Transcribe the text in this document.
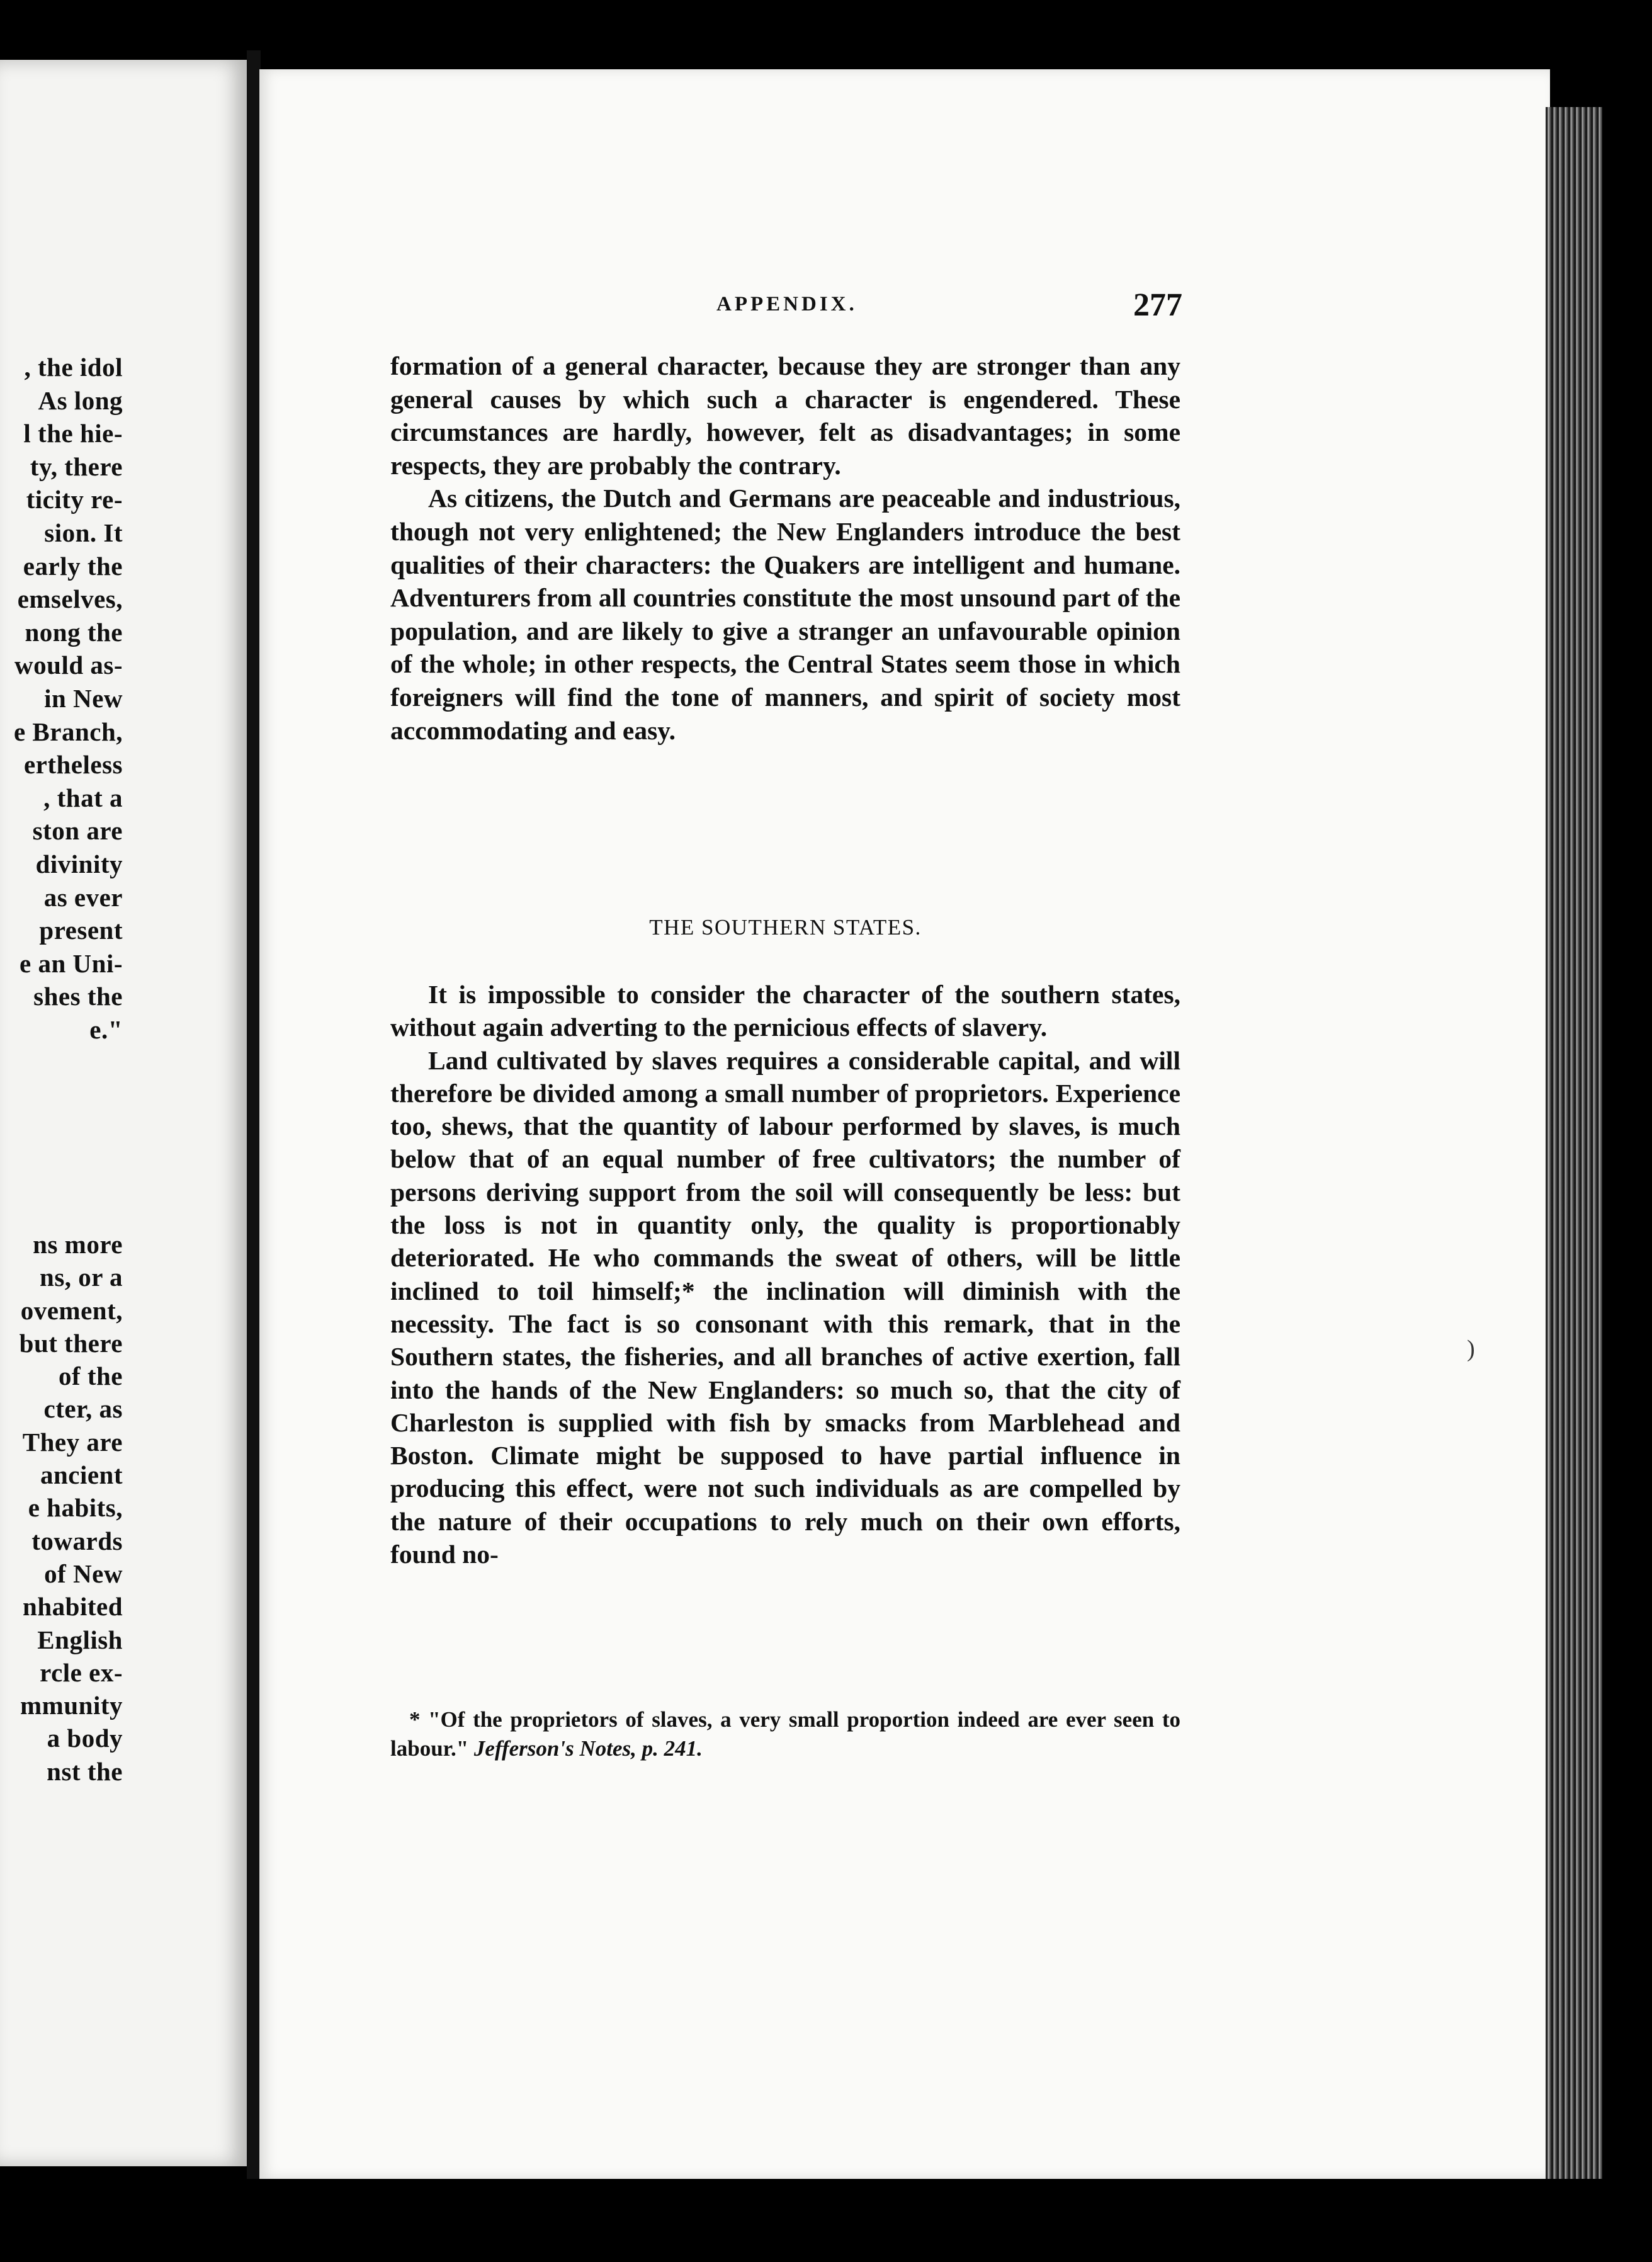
, the idol
As long
l the hie-
ty, there
ticity re-
sion. It
early the
emselves,
nong the
would as-
in New
e Branch,
ertheless
, that a
ston are
divinity
as ever
present
e an Uni-
shes the
e."
ns more
ns, or a
ovement,
but there
of the
cter, as
They are
ancient
e habits,
towards
of New
nhabited
English
rcle ex-
mmunity
a body
nst the
APPENDIX.	277

formation of a general character, because they are stronger than any general causes by which such a character is engendered. These circumstances are hardly, however, felt as disadvantages; in some respects, they are probably the contrary.

As citizens, the Dutch and Germans are peaceable and industrious, though not very enlightened; the New Englanders introduce the best qualities of their characters: the Quakers are intelligent and humane. Adventurers from all countries constitute the most unsound part of the population, and are likely to give a stranger an unfavourable opinion of the whole; in other respects, the Central States seem those in which foreigners will find the tone of manners, and spirit of society most accommodating and easy.

THE SOUTHERN STATES.

It is impossible to consider the character of the southern states, without again adverting to the pernicious effects of slavery.

Land cultivated by slaves requires a considerable capital, and will therefore be divided among a small number of proprietors. Experience too, shews, that the quantity of labour performed by slaves, is much below that of an equal number of free cultivators; the number of persons deriving support from the soil will consequently be less: but the loss is not in quantity only, the quality is proportionably deteriorated. He who commands the sweat of others, will be little inclined to toil himself;* the inclination will diminish with the necessity. The fact is so consonant with this remark, that in the Southern states, the fisheries, and all branches of active exertion, fall into the hands of the New Englanders: so much so, that the city of Charleston is supplied with fish by smacks from Marblehead and Boston. Climate might be supposed to have partial influence in producing this effect, were not such individuals as are compelled by the nature of their occupations to rely much on their own efforts, found no-

* "Of the proprietors of slaves, a very small proportion indeed are ever seen to labour." Jefferson's Notes, p. 241.

)
